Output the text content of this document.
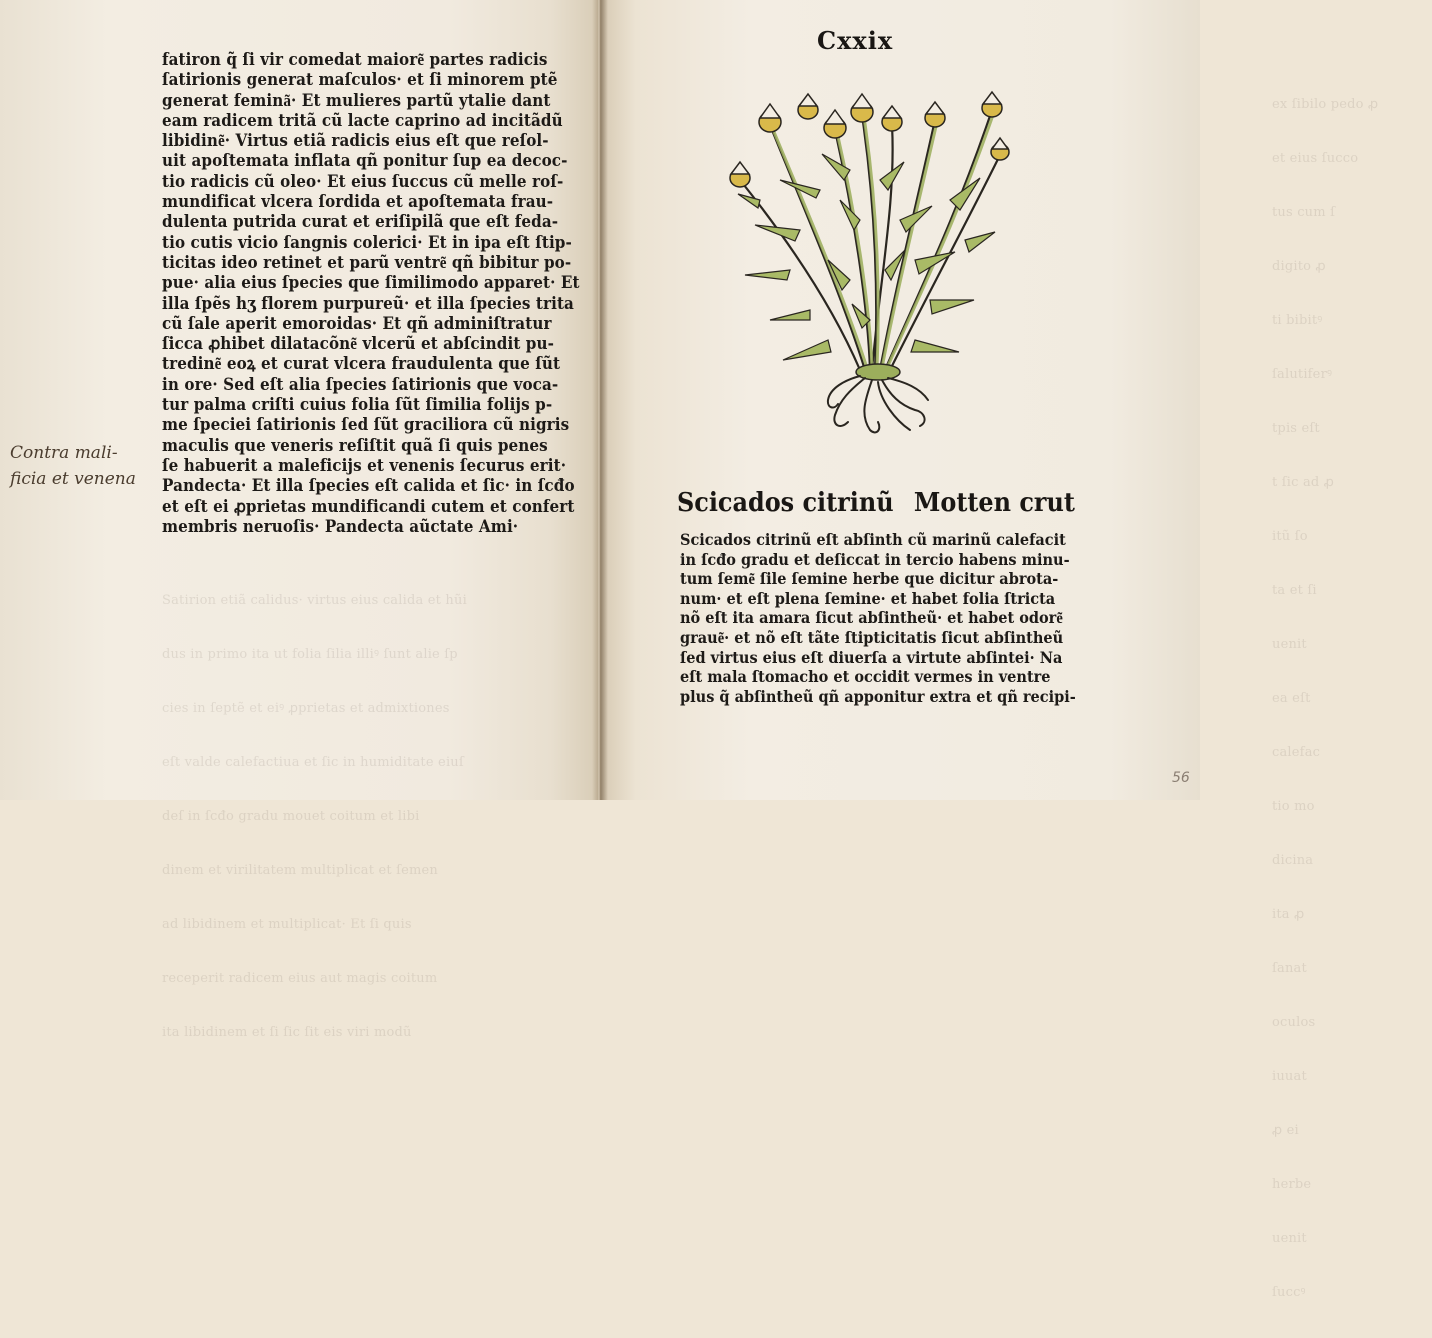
Satirion etiã calidus· virtus eius calida et hũi

dus in primo ita ut folia ſilia illiꝰ ſunt alie ſp

cies in ſeptẽ et eiꝰ ꝓprietas et admixtiones

eſt valde calefactiua et ſic in humiditate eiuſ

deſ in ſcđo gradu mouet coitum et libi

dinem et virilitatem multiplicat et ſemen

ad libidinem et multiplicat· Et ſi quis

receperit radicem eius aut magis coitum

ita libidinem et ſi ſic ſit eis viri modũ

fatiron q̃ ſi vir comedat maiore͂ partes radicis
ſatirionis generat maſculos· et ſi minorem ptẽ
generat femina͂· Et mulieres partũ ytalie dant
eam radicem tritã cũ lacte caprino ad incitãdũ
libidine͂· Virtus etiã radicis eius eſt que reſol-
uit apoſtemata inflata qñ ponitur ſup ea decoc-
tio radicis cũ oleo· Et eius ſuccus cũ melle roſ-
mundificat vlcera ſordida et apoſtemata frau-
dulenta putrida curat et eriſipilã que eſt feda-
tio cutis vicio ſangnis colerici· Et in ipa eſt ſtip-
ticitas ideo retinet et parũ ventre͂ qñ bibitur po-
pue· alia eius ſpecies que ſimilimodo apparet· Et
illa ſpẽs hʒ florem purpureũ· et illa ſpecies trita
cũ ſale aperit emoroidas· Et qñ adminiſtratur
ſicca ꝓhibet dilatacõne͂ vlcerũ et abſcindit pu-
tredine͂ eoꝝ et curat vlcera fraudulenta que ſũt
in ore· Sed eſt alia ſpecies ſatirionis que voca-
tur palma criſti cuius folia ſũt ſimilia folijs p-
me ſpeciei ſatirionis ſed ſũt graciliora cũ nigris
maculis que veneris reſiſtit quã ſi quis penes
ſe habuerit a maleficijs et venenis ſecurus erit·
Pandecta· Et illa ſpecies eſt calida et ſic· in ſcđo
et eſt ei ꝓprietas mundificandi cutem et confert
membris neruoſis· Pandecta aũctate Ami·
Contra mali-
ficia et venena

ex ſibilo pedo ꝓ

et eius ſucco

tus cum ſ

digito ꝓ

ti bibitꝰ

ſalutiferꝰ

tpis eſt

t ſic ad ꝓ

itũ ſo

ta et ſi

uenit

ea eſt

calefac

tio mo

dicina

ita ꝓ

ſanat

oculos

iuuat

ꝓ ei

herbe

uenit

ſuccꝰ

Cxxix
Scicados citrinũ Motten crut
Scicados citrinũ eſt abſinth cũ marinũ calefacit
in ſcđo gradu et deſiccat in tercio habens minu-
tum ſeme͂ ſile ſemine herbe que dicitur abrota-
num· et eſt plena ſemine· et habet folia ſtricta
nõ eſt ita amara ſicut abſintheũ· et habet odore͂
graue͂· et nõ eſt tãte ſtipticitatis ſicut abſintheũ
ſed virtus eius eſt diuerſa a virtute abſintei· Na
eſt mala ſtomacho et occidit vermes in ventre
plus q̃ abſintheũ qñ apponitur extra et qñ recipi-
56
